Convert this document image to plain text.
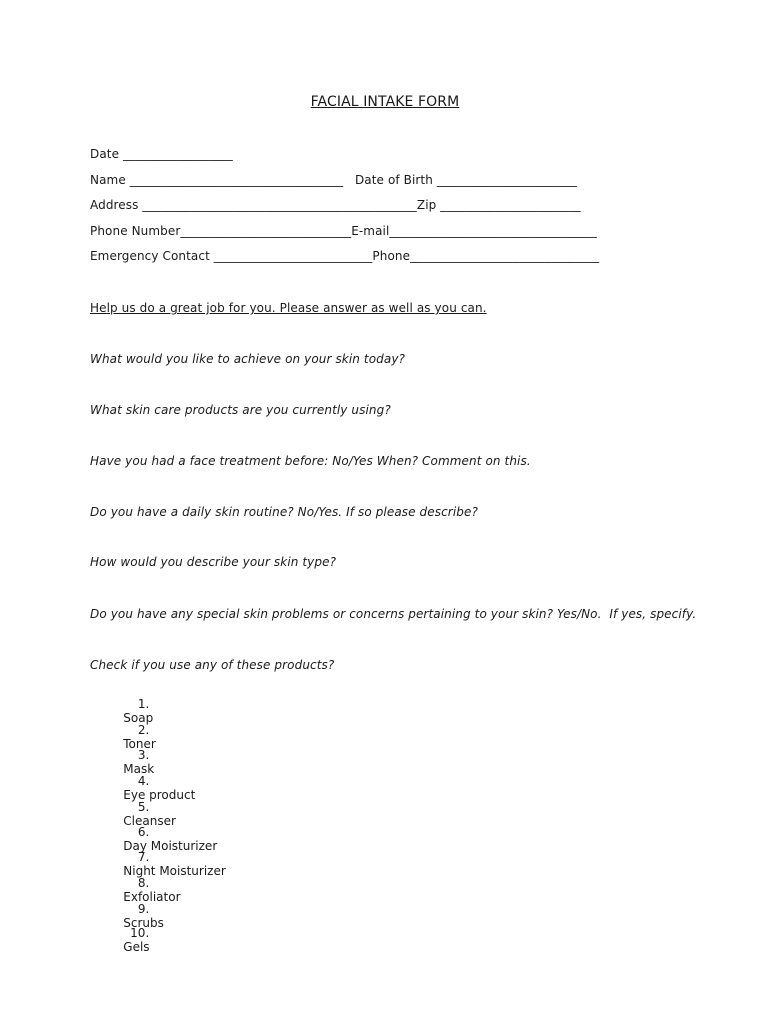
FACIAL INTAKE FORM
Date __________________
Name ___________________________________   Date of Birth _______________________
Address _____________________________________________Zip _______________________
Phone Number____________________________E-mail__________________________________
Emergency Contact __________________________Phone_______________________________
Help us do a great job for you. Please answer as well as you can.
What would you like to achieve on your skin today?
What skin care products are you currently using?
Have you had a face treatment before: No/Yes When? Comment on this.
Do you have a daily skin routine? No/Yes. If so please describe?
How would you describe your skin type?
Do you have any special skin problems or concerns pertaining to your skin? Yes/No.  If yes, specify.
Check if you use any of these products?

1.
Soap

2.
Toner

3.
Mask

4.
Eye product

5.
Cleanser

6.
Day Moisturizer

7.
Night Moisturizer

8.
Exfoliator

9.
Scrubs

10.
Gels
